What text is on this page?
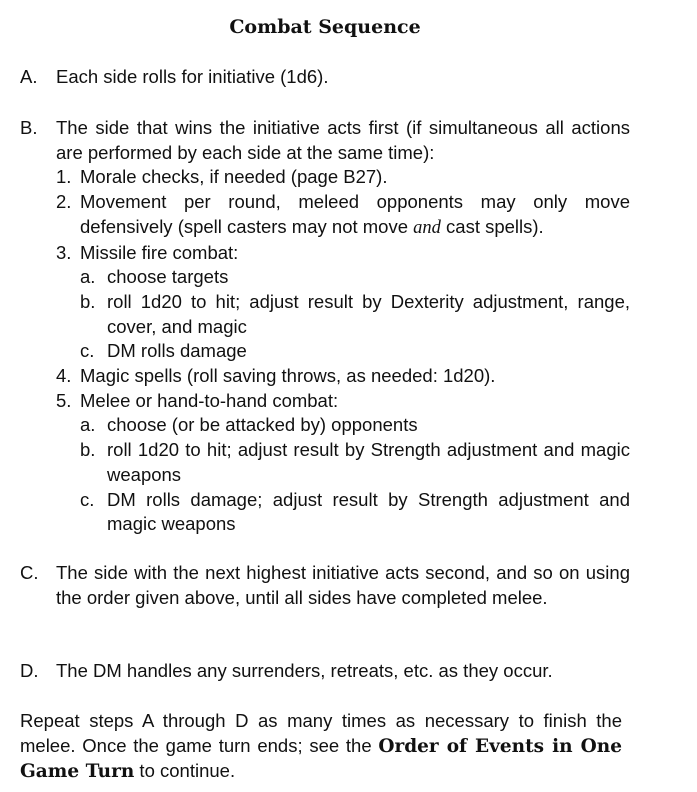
Combat Sequence
A.	Each side rolls for initiative (1d6).
B.	The side that wins the initiative acts first (if simultaneous all actions are performed by each side at the same time):
1. Morale checks, if needed (page B27).
2. Movement per round, meleed opponents may only move defensively (spell casters may not move and cast spells).
3. Missile fire combat:
a. choose targets
b. roll 1d20 to hit; adjust result by Dexterity adjustment, range, cover, and magic
c. DM rolls damage
4. Magic spells (roll saving throws, as needed: 1d20).
5. Melee or hand-to-hand combat:
a. choose (or be attacked by) opponents
b. roll 1d20 to hit; adjust result by Strength adjustment and magic weapons
c. DM rolls damage; adjust result by Strength adjustment and magic weapons
C. The side with the next highest initiative acts second, and so on using the order given above, until all sides have completed melee.
D. The DM handles any surrenders, retreats, etc. as they occur.
Repeat steps A through D as many times as necessary to finish the melee. Once the game turn ends; see the Order of Events in One Game Turn to continue.
